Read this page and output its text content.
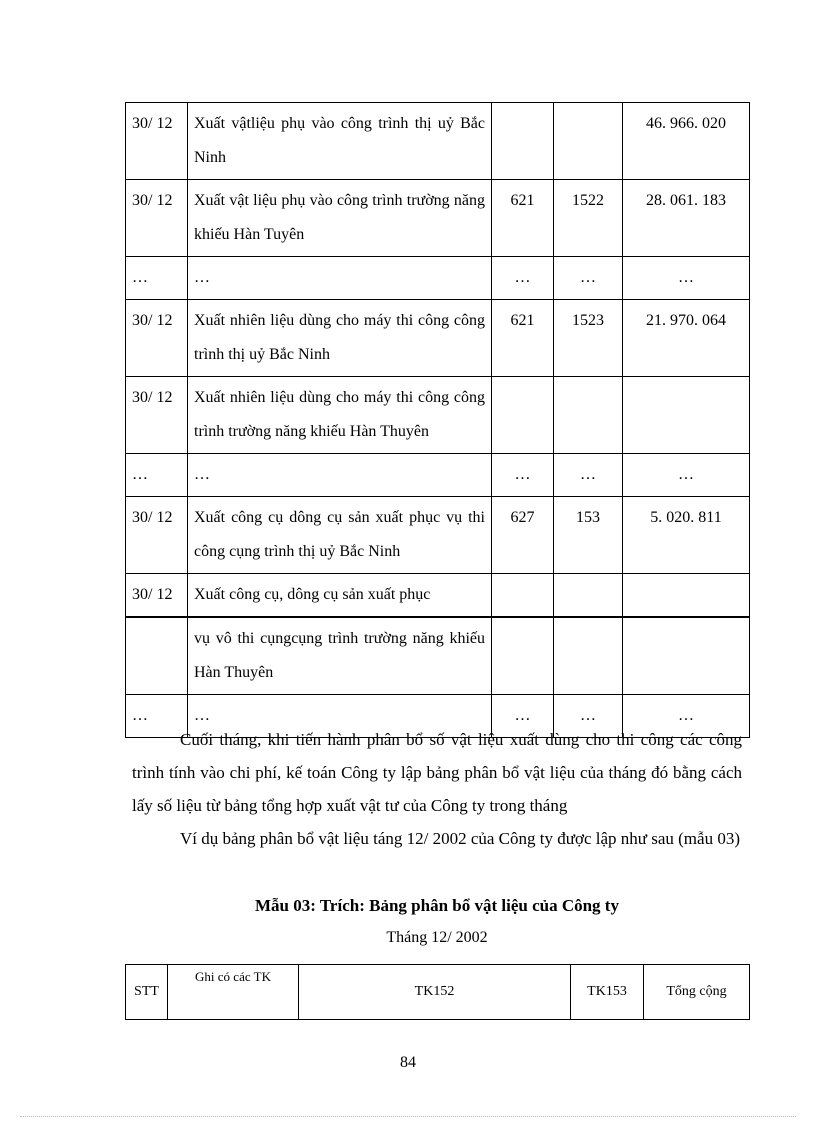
30/ 12	Xuất vậtliệu phụ vào công trình thị uỷ Bắc Ninh			46. 966. 020
30/ 12	Xuất vật liệu phụ vào công trình trường năng khiếu Hàn Tuyên	621	1522	28. 061. 183
…	…	…	…	…
30/ 12	Xuất nhiên liệu dùng cho máy thi công công trình thị uỷ Bắc Ninh	621	1523	21. 970. 064
30/ 12	Xuất nhiên liệu dùng cho máy thi công công trình trường năng khiếu Hàn Thuyên			
…	…	…	…	…
30/ 12	Xuất công cụ dông cụ sản xuất phục vụ thi công cụng trình thị uỷ Bắc Ninh	627	153	5. 020. 811
30/ 12	Xuất công cụ, dông cụ sản xuất phục			
	vụ vô thi cụngcụng trình trường năng khiếu Hàn Thuyên			
…	…	…	…	…
Cuối tháng, khi tiến hành phân bổ số vật liệu xuất dùng cho thi công các công trình tính vào chi phí, kế toán Công ty lập bảng phân bổ vật liệu của tháng đó bằng cách lấy số liệu từ bảng tổng hợp xuất vật tư của Công ty trong tháng
Ví dụ bảng phân bổ vật liệu táng 12/ 2002 của Công ty được lập như sau (mẫu 03)
Mẫu 03: Trích: Bảng phân bổ vật liệu của Công ty
Tháng 12/ 2002
STT	Ghi có các TK	TK152	TK153	Tổng cộng
84
